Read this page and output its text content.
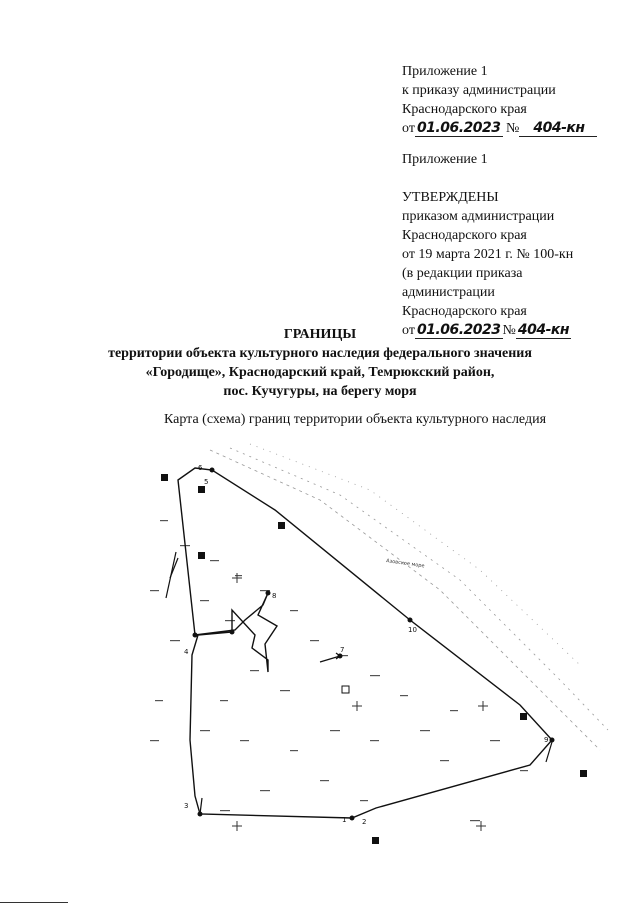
Приложение 1
к приказу администрации
Краснодарского края
от 01.06.2023 № 404-кн
Приложение 1
УТВЕРЖДЕНЫ
приказом администрации
Краснодарского края
от 19 марта 2021 г. № 100-кн
(в редакции приказа
администрации
Краснодарского края
от 01.06.2023 № 404-кн
ГРАНИЦЫ
территории объекта культурного наследия федерального значения
«Городище», Краснодарский край, Темрюкский район,
пос. Кучугуры, на берегу моря
Карта (схема) границ территории объекта культурного наследия
Азовское море
1 2
3
4
5
6
7
8
9
10
